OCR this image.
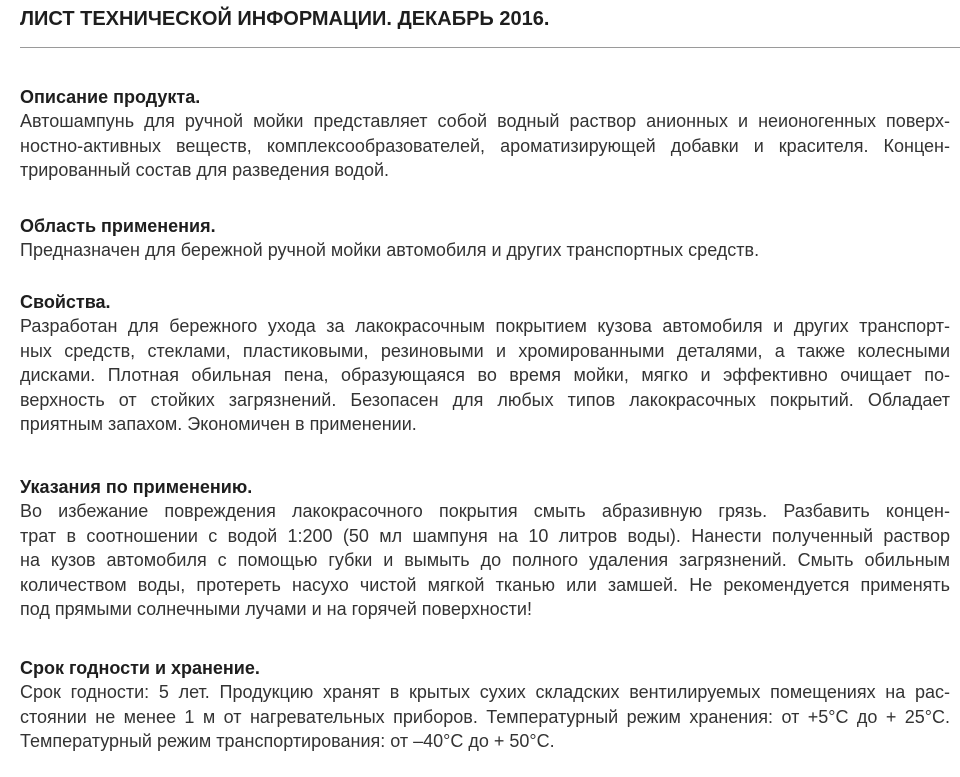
ЛИСТ ТЕХНИЧЕСКОЙ ИНФОРМАЦИИ. ДЕКАБРЬ 2016.
Описание продукта.
Автошампунь для ручной мойки представляет собой водный раствор анионных и неионогенных поверх-
ностно-активных веществ, комплексообразователей, ароматизирующей добавки и красителя. Концен-
трированный состав для разведения водой.
Область применения.
Предназначен для бережной ручной мойки автомобиля и других транспортных средств.
Свойства.
Разработан для бережного ухода за лакокрасочным покрытием кузова автомобиля и других транспорт-
ных средств, стеклами, пластиковыми, резиновыми и хромированными деталями, а также колесными
дисками. Плотная обильная пена, образующаяся во время мойки, мягко и эффективно очищает по-
верхность от стойких загрязнений. Безопасен для любых типов лакокрасочных покрытий. Обладает
приятным запахом. Экономичен в применении.
Указания по применению.
Во избежание повреждения лакокрасочного покрытия смыть абразивную грязь. Разбавить концен-
трат в соотношении с водой 1:200 (50 мл шампуня на 10 литров воды). Нанести полученный раствор
на кузов автомобиля с помощью губки и вымыть до полного удаления загрязнений. Смыть обильным
количеством воды, протереть насухо чистой мягкой тканью или замшей. Не рекомендуется применять
под прямыми солнечными лучами и на горячей поверхности!
Срок годности и хранение.
Срок годности: 5 лет. Продукцию хранят в крытых сухих складских вентилируемых помещениях на рас-
стоянии не менее 1 м от нагревательных приборов. Температурный режим хранения: от +5°С до + 25°С.
Температурный режим транспортирования: от –40°С до + 50°С.
